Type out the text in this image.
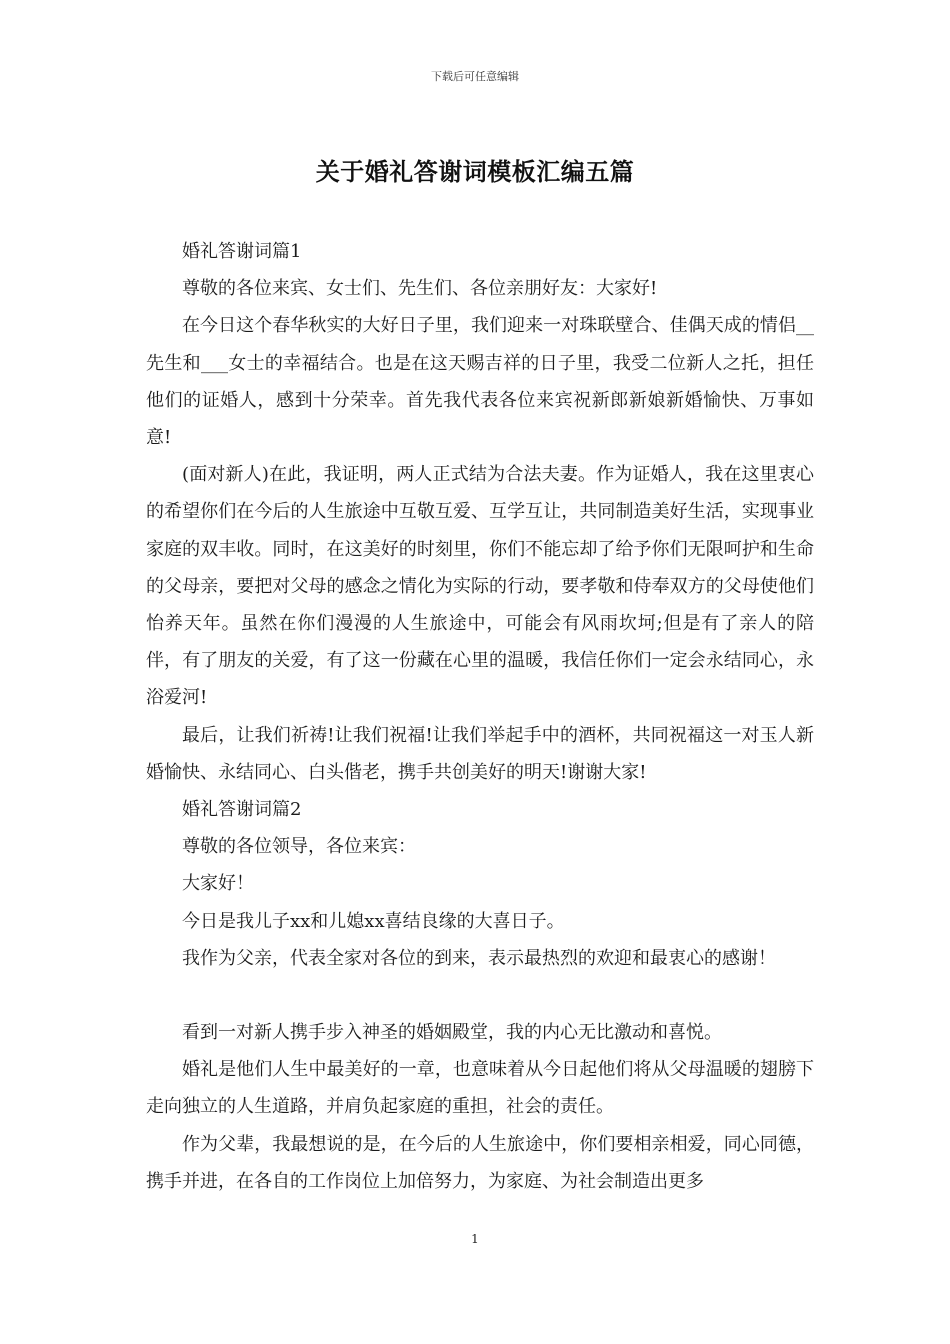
下载后可任意编辑
关于婚礼答谢词模板汇编五篇

婚礼答谢词篇1

尊敬的各位来宾、女士们、先生们、各位亲朋好友：大家好!

在今日这个春华秋实的大好日子里，我们迎来一对珠联壁合、佳偶天成的情侣__先生和___女士的幸福结合。也是在这天赐吉祥的日子里，我受二位新人之托，担任他们的证婚人，感到十分荣幸。首先我代表各位来宾祝新郎新娘新婚愉快、万事如意!

(面对新人)在此，我证明，两人正式结为合法夫妻。作为证婚人，我在这里衷心的希望你们在今后的人生旅途中互敬互爱、互学互让，共同制造美好生活，实现事业家庭的双丰收。同时，在这美好的时刻里，你们不能忘却了给予你们无限呵护和生命的父母亲，要把对父母的感念之情化为实际的行动，要孝敬和侍奉双方的父母使他们怡养天年。虽然在你们漫漫的人生旅途中，可能会有风雨坎坷;但是有了亲人的陪伴，有了朋友的关爱，有了这一份藏在心里的温暖，我信任你们一定会永结同心，永浴爱河!

最后，让我们祈祷!让我们祝福!让我们举起手中的酒杯，共同祝福这一对玉人新婚愉快、永结同心、白头偕老，携手共创美好的明天!谢谢大家!

婚礼答谢词篇2

尊敬的各位领导，各位来宾：

大家好！

今日是我儿子xx和儿媳xx喜结良缘的大喜日子。

我作为父亲，代表全家对各位的到来，表示最热烈的欢迎和最衷心的感谢！

看到一对新人携手步入神圣的婚姻殿堂，我的内心无比激动和喜悦。

婚礼是他们人生中最美好的一章，也意味着从今日起他们将从父母温暖的翅膀下走向独立的人生道路，并肩负起家庭的重担，社会的责任。

作为父辈，我最想说的是，在今后的人生旅途中，你们要相亲相爱，同心同德，携手并进，在各自的工作岗位上加倍努力，为家庭、为社会制造出更多

1
